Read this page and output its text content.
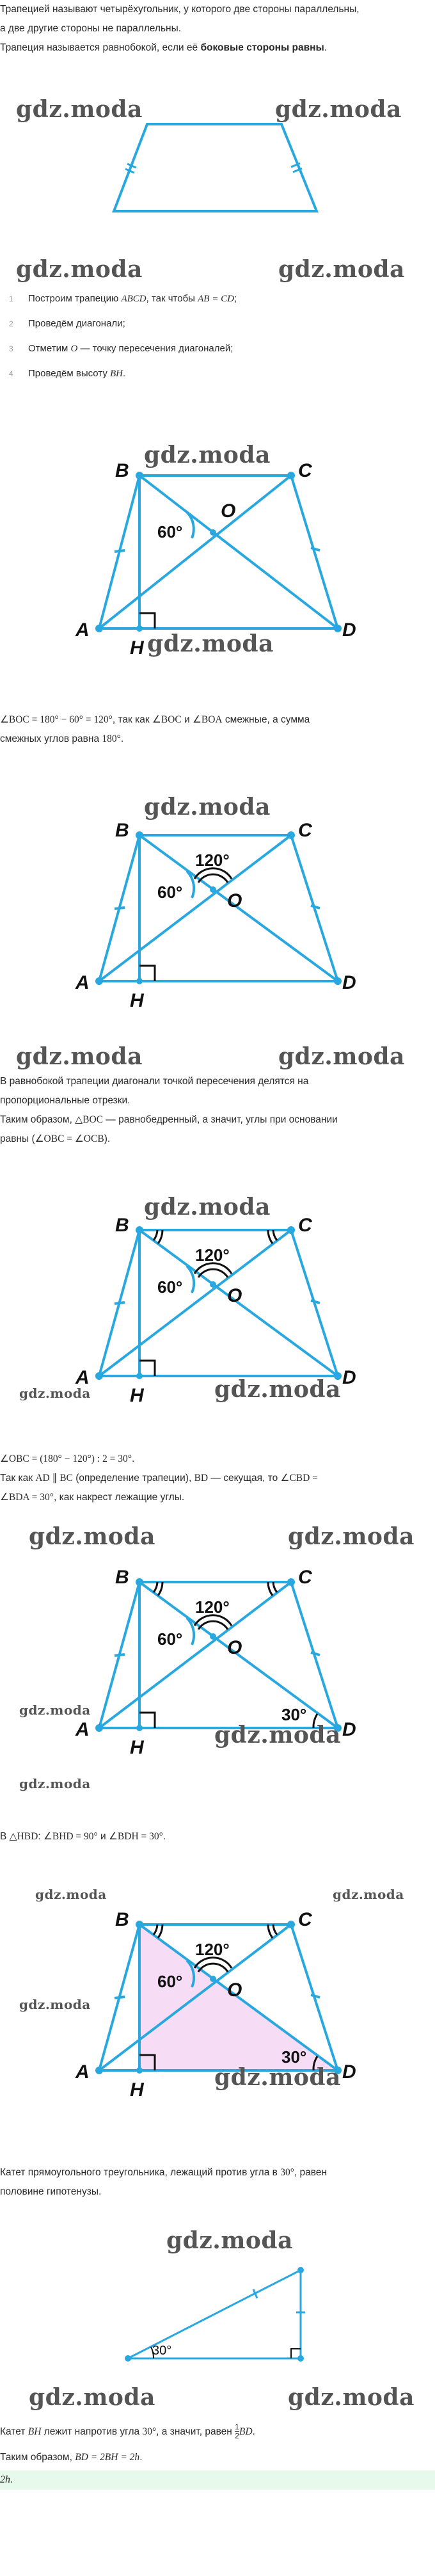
Трапецией называют четырёхугольник, у которого две стороны параллельны,
а две другие стороны не параллельны.
Трапеция называется равнобокой, если её боковые стороны равны.
gdz.moda	gdz.moda
gdz.moda	gdz.moda
1 Построим трапецию ABCD, так чтобы AB = CD;
2 Проведём диагонали;
3 Отметим O — точку пересечения диагоналей;
4 Проведём высоту BH.
B	C
A	D
H
O
60°
gdz.moda
gdz.moda
∠BOC = 180° − 60° = 120°, так как ∠BOC и ∠BOA смежные, а сумма
смежных углов равна 180°.
gdz.moda
B	C
A	D
H
O
60°
120°
gdz.moda	gdz.moda
В равнобокой трапеции диагонали точкой пересечения делятся на
пропорциональные отрезки.
Таким образом, △BOC — равнобедренный, а значит, углы при основании
равны (∠OBC = ∠OCB).
gdz.moda
B	C
A	D
H
O
60°
120°
gdz.moda	gdz.moda
∠OBC = (180° − 120°) : 2 = 30°.
Так как AD ∥ BC (определение трапеции), BD — секущая, то ∠CBD =
∠BDA = 30°, как накрест лежащие углы.
gdz.moda	gdz.moda
B	C
A	D
H
O
60°
120°
30°
gdz.moda
gdz.moda
gdz.moda
В △HBD: ∠BHD = 90° и ∠BDH = 30°.
gdz.moda	gdz.moda
B	C
A	D
H
O
60°
120°
30°
gdz.moda
gdz.moda
Катет прямоугольного треугольника, лежащий против угла в 30°, равен
половине гипотенузы.
gdz.moda
30°
gdz.moda	gdz.moda
Катет BH лежит напротив угла 30°, а значит, равен $\frac{1}{2}$ BD.
Таким образом, BD = 2BH = 2h.
2h.
